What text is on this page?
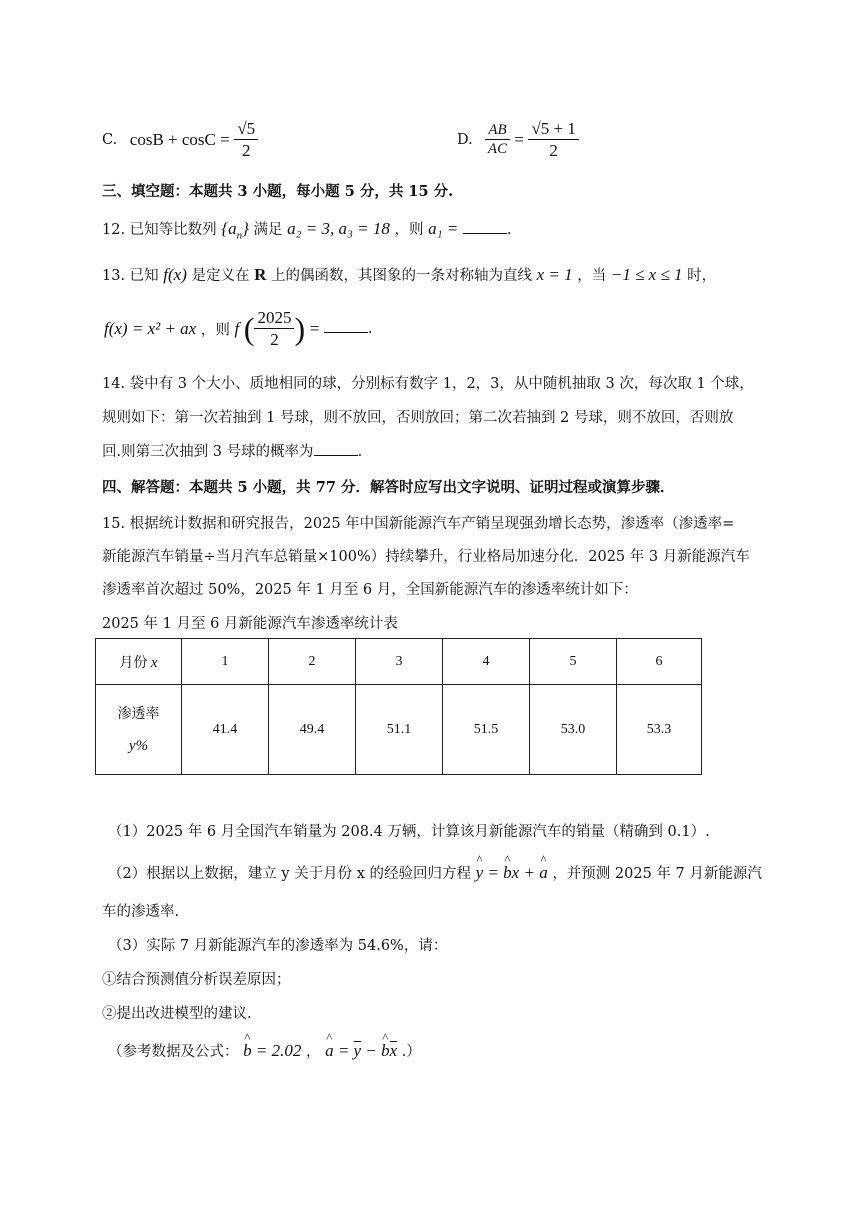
C. $\cos B + \cos C = \frac{√5}{2}$	D. $\frac{AB}{AC} = \frac{√5 + 1}{2}$
三、填空题：本题共 3 小题，每小题 5 分，共 15 分.
12. 已知等比数列 $\{a_n\}$ 满足 a₂ = 3, a₃ = 18 ，则 a₁ =	.
13. 已知 f(x) 是定义在 R 上的偶函数，其图象的一条对称轴为直线 x = 1 ，当 −1 ≤ x ≤ 1 时，
f(x) = x² + ax ，则 f ( $\frac{2025}{2}$ ) =	.
14. 袋中有 3 个大小、质地相同的球，分别标有数字 1，2，3，从中随机抽取 3 次，每次取 1 个球，
规则如下：第一次若抽到 1 号球，则不放回，否则放回；第二次若抽到 2 号球，则不放回，否则放
回.则第三次抽到 3 号球的概率为	.
四、解答题：本题共 5 小题，共 77 分．解答时应写出文字说明、证明过程或演算步骤．
15. 根据统计数据和研究报告，2025 年中国新能源汽车产销呈现强劲增长态势，渗透率（渗透率=
新能源汽车销量÷当月汽车总销量×100%）持续攀升，行业格局加速分化．2025 年 3 月新能源汽车
渗透率首次超过 50%，2025 年 1 月至 6 月，全国新能源汽车的渗透率统计如下：
2025 年 1 月至 6 月新能源汽车渗透率统计表
月份 x	1	2	3	4	5	6

渗透率
y%	41.4	49.4	51.1	51.5	53.0	53.3
（1）2025 年 6 月全国汽车销量为 208.4 万辆，计算该月新能源汽车的销量（精确到 0.1）.
（2）根据以上数据，建立 y 关于月份 x 的经验回归方程 ^ y = ^ bx + ^ a ，并预测 2025 年 7 月新能源汽
车的渗透率.
（3）实际 7 月新能源汽车的渗透率为 54.6%，请：
①结合预测值分析误差原因；
②提出改进模型的建议.
（参考数据及公式： ^ b = 2.02 ， ^ a = y − ^ bx .）
